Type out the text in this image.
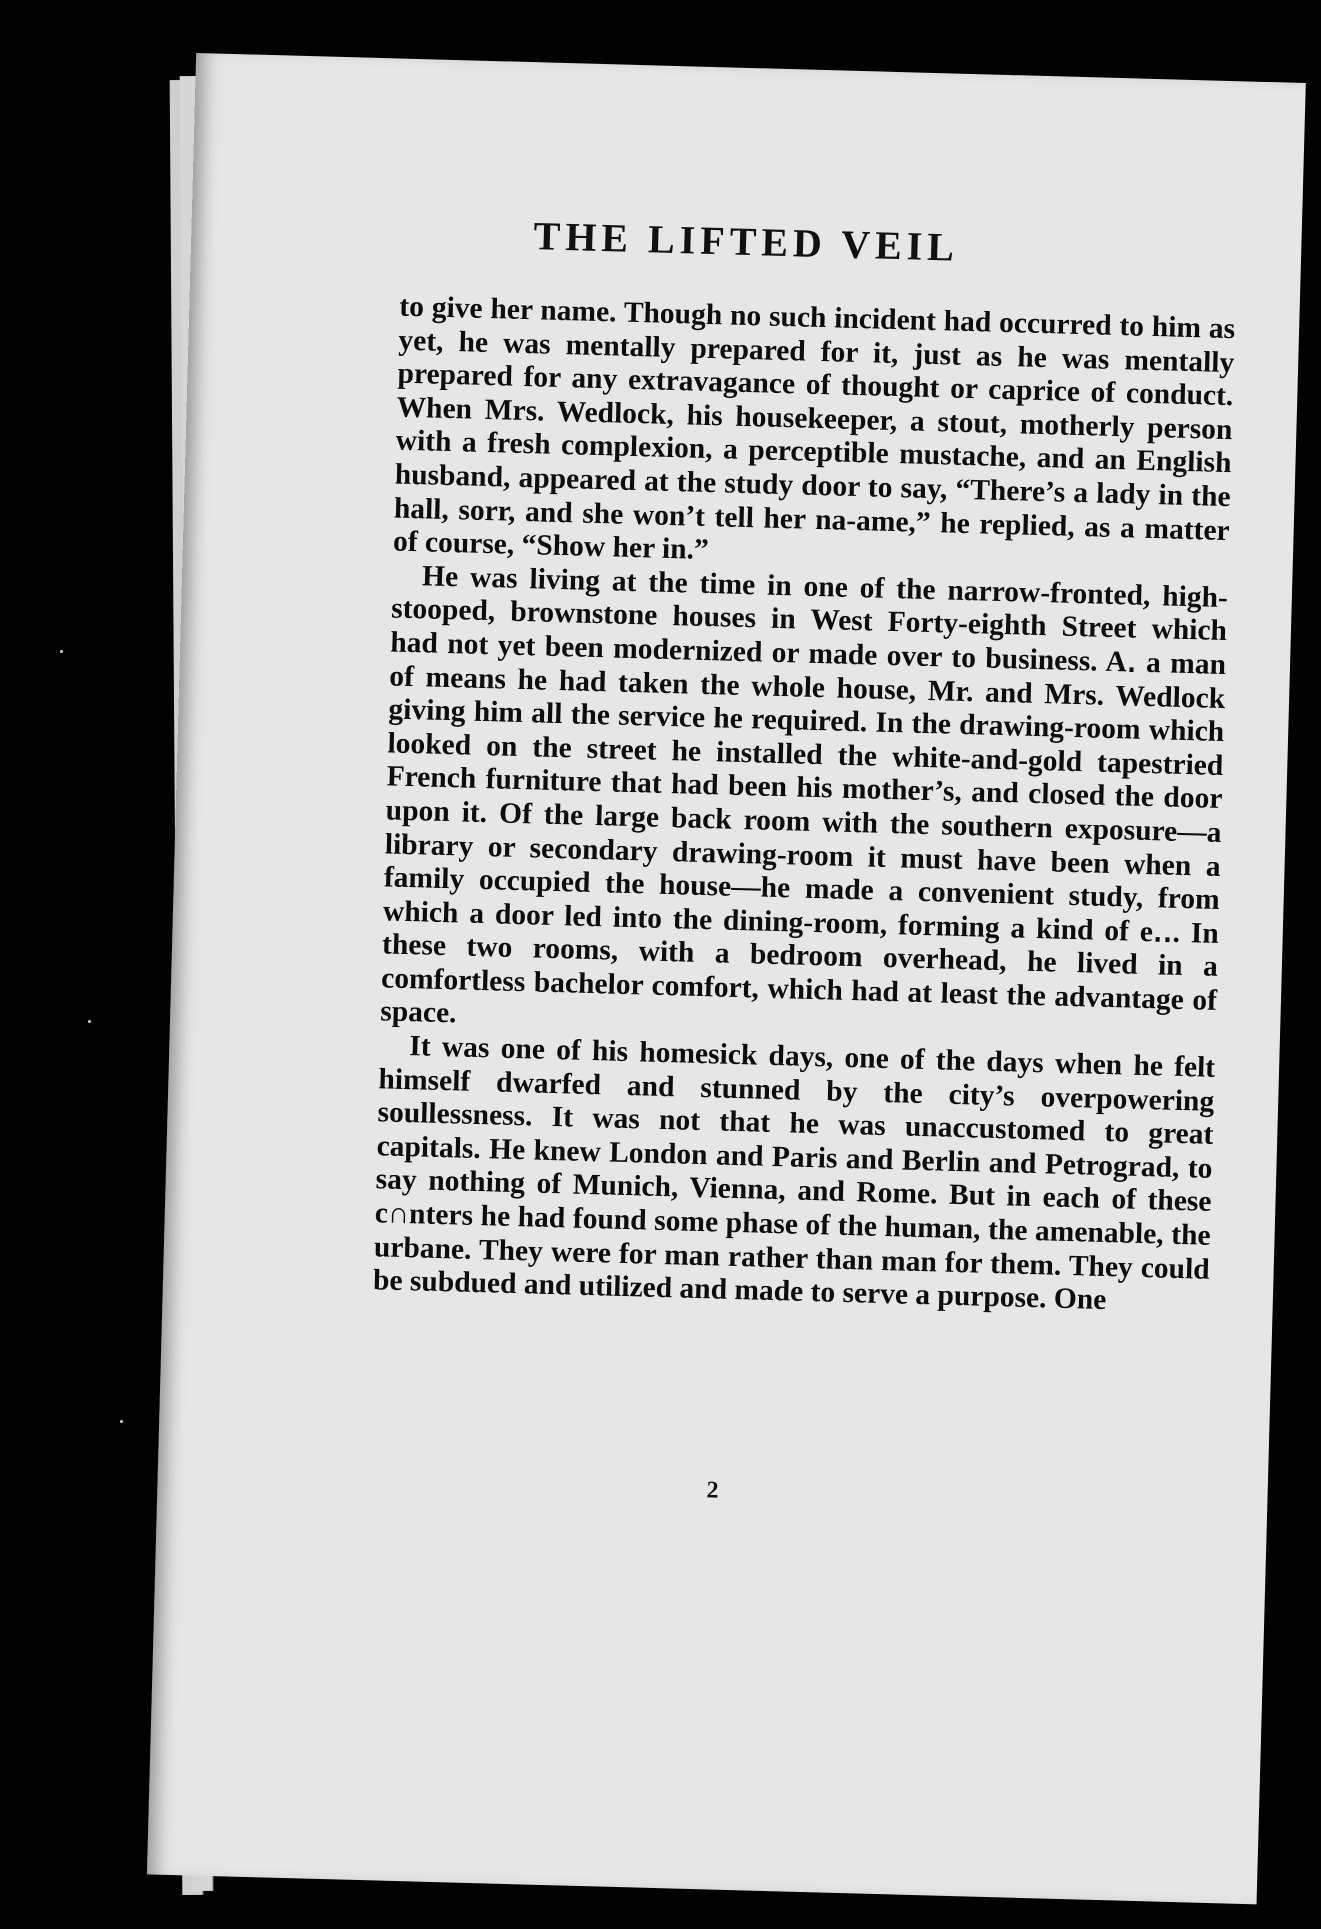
THE LIFTED VEIL

to give her name. Though no such incident had occurred to him as yet, he was mentally prepared for it, just as he was mentally prepared for any extravagance of thought or caprice of conduct. When Mrs. Wedlock, his housekeeper, a stout, motherly person with a fresh complexion, a perceptible mustache, and an English husband, appeared at the study door to say, “There’s a lady in the hall, sorr, and she won’t tell her na-ame,” he replied, as a matter of course, “Show her in.”

He was living at the time in one of the narrow-fronted, high-stooped, brownstone houses in West Forty-eighth Street which had not yet been modernized or made over to business. A․ a man of means he had taken the whole house, Mr. and Mrs. Wedlock giving him all the service he required. In the drawing-room which looked on the street he installed the white-and-gold tapestried French furniture that had been his mother’s, and closed the door upon it. Of the large back room with the southern exposure—a library or secondary drawing-room it must have been when a family occupied the house—he made a convenient study, from which a door led into the dining-room, forming a kind of e‥. In these two rooms, with a bedroom overhead, he lived in a comfortless bachelor comfort, which had at least the advantage of space.

It was one of his homesick days, one of the days when he felt himself dwarfed and stunned by the city’s overpowering soullessness. It was not that he was unaccustomed to great capitals. He knew London and Paris and Berlin and Petrograd, to say nothing of Munich, Vienna, and Rome. But in each of these c∩nters he had found some phase of the human, the amenable, the urbane. They were for man rather than man for them. They could be subdued and utilized and made to serve a purpose. One

2
